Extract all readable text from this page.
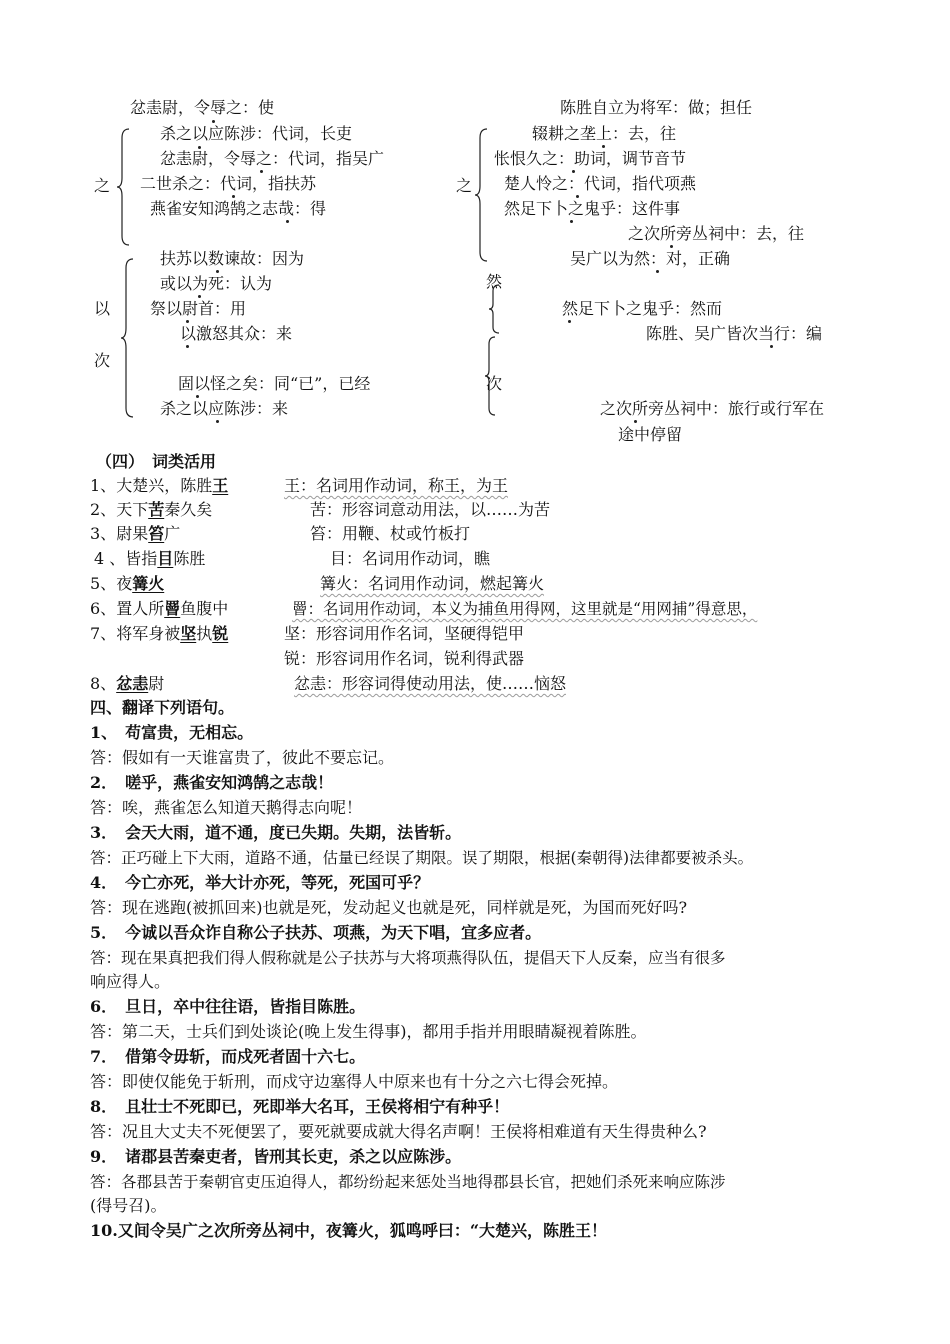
忿恚尉，令辱之：使
之
杀之以应陈涉：代词，长吏
忿恚尉，令辱之：代词，指吴广
二世杀之：代词，指扶苏
燕雀安知鸿鹄之志哉：得
以
次
扶苏以数谏故：因为
或以为死：认为
祭以尉首：用
以激怒其众：来
固以怪之矣：同“已”，已经
杀之以应陈涉：来
陈胜自立为将军：做；担任
之
辍耕之垄上：去，往
怅恨久之：助词，调节音节
楚人怜之：代词，指代项燕
然足下卜之鬼乎：这件事
之次所旁丛祠中：去，往
然
吴广以为然：对，正确
然足下卜之鬼乎：然而
次
陈胜、吴广皆次当行：编
之次所旁丛祠中：旅行或行军在
途中停留
（四）　词类活用
1、大楚兴，陈胜王	王：名词用作动词，称王，为王
2、天下苦秦久矣	苦：形容词意动用法，以……为苦
3、尉果笞广	笞：用鞭、杖或竹板打
4 、皆指目陈胜	目：名词用作动词，瞧
5、夜篝火	篝火：名词用作动词，燃起篝火
6、置人所罾鱼腹中	罾：名词用作动词，本义为捕鱼用得网，这里就是“用网捕”得意思，
7、将军身被坚执锐	坚：形容词用作名词，坚硬得铠甲
锐：形容词用作名词，锐利得武器
8、忿恚尉	忿恚：形容词得使动用法，使……恼怒
四、翻译下列语句。
1、　苟富贵，无相忘。
答：假如有一天谁富贵了，彼此不要忘记。
2．　嗟乎，燕雀安知鸿鹄之志哉！
答：唉，燕雀怎么知道天鹅得志向呢！
3．　会天大雨，道不通，度已失期。失期，法皆斩。
答：正巧碰上下大雨，道路不通，估量已经误了期限。误了期限，根据(秦朝得)法律都要被杀头。
4．　今亡亦死，举大计亦死，等死，死国可乎？
答：现在逃跑(被抓回来)也就是死，发动起义也就是死，同样就是死，为国而死好吗?
5．　今诚以吾众诈自称公子扶苏、项燕，为天下唱，宜多应者。
答：现在果真把我们得人假称就是公子扶苏与大将项燕得队伍，提倡天下人反秦，应当有很多
响应得人。
6．　旦日，卒中往往语，皆指目陈胜。
答：第二天，士兵们到处谈论(晚上发生得事)，都用手指并用眼睛凝视着陈胜。
7．　借第令毋斩，而戍死者固十六七。
答：即使仅能免于斩刑，而戍守边塞得人中原来也有十分之六七得会死掉。
8．　且壮士不死即已，死即举大名耳，王侯将相宁有种乎！
答：况且大丈夫不死便罢了，要死就要成就大得名声啊！王侯将相难道有天生得贵种么?
9．　诸郡县苦秦吏者，皆刑其长吏，杀之以应陈涉。
答：各郡县苦于秦朝官吏压迫得人，都纷纷起来惩处当地得郡县长官，把她们杀死来响应陈涉
(得号召)。
10.又间令吴广之次所旁丛祠中，夜篝火，狐鸣呼曰：“大楚兴，陈胜王！
